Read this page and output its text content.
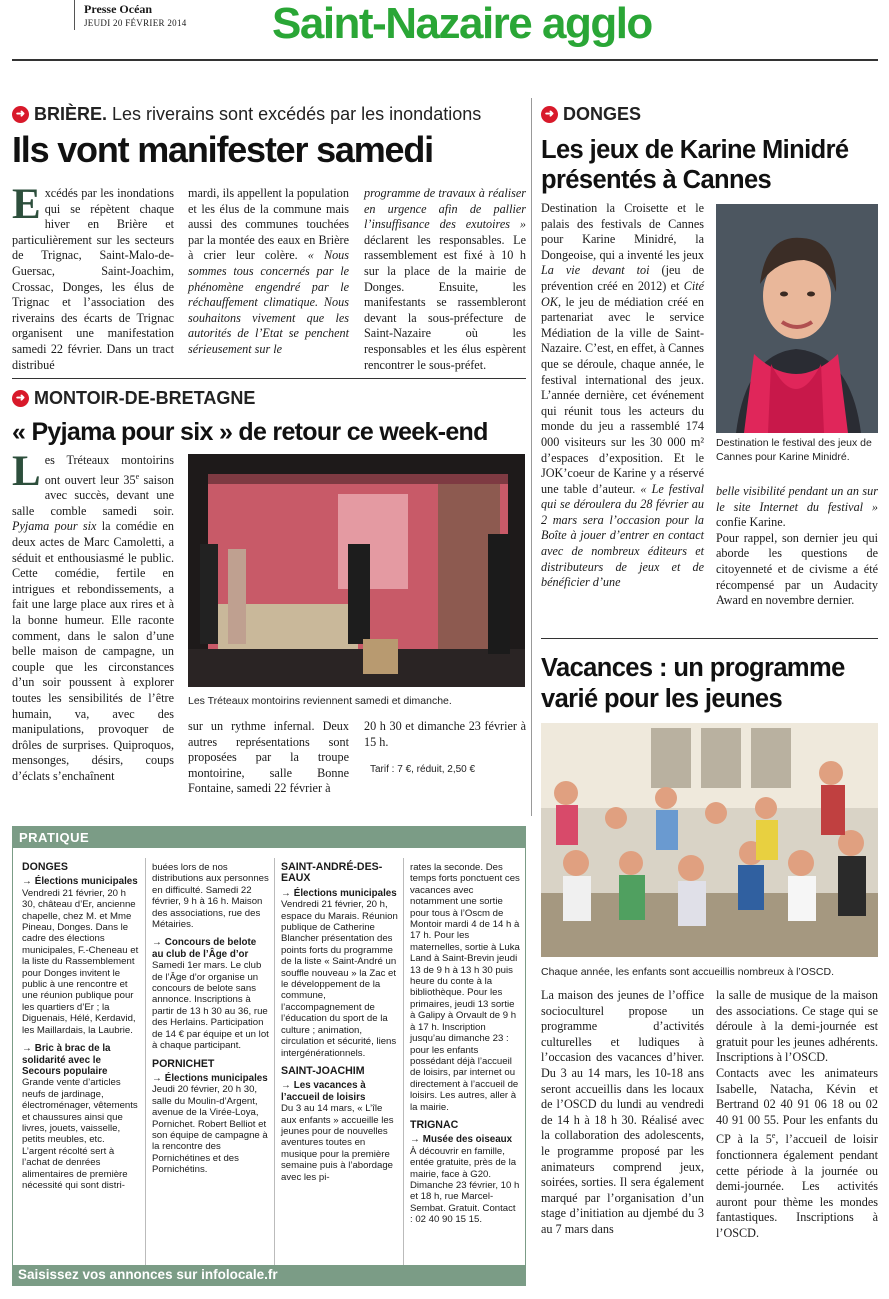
Presse Océan
JEUDI 20 FÉVRIER 2014 Saint-Nazaire agglo
➜ BRIÈRE. Les riverains sont excédés par les inondations
Ils vont manifester samedi
Excédés par les inondations qui se répètent chaque hiver en Brière et particulièrement sur les secteurs de Trignac, Saint-Malo-de-Guersac, Saint-Joachim, Crossac, Donges, les élus de Trignac et l’association des riverains des écarts de Trignac organisent une manifestation samedi 22 février. Dans un tract distribué
mardi, ils appellent la population et les élus de la commune mais aussi des communes touchées par la montée des eaux en Brière à crier leur colère. « Nous sommes tous concernés par le phénomène engendré par le réchauffement climatique. Nous souhaitons vivement que les autorités de l’Etat se penchent sérieusement sur le
programme de travaux à réaliser en urgence afin de pallier l’insuffisance des exutoires » déclarent les responsables. Le rassemblement est fixé à 10 h sur la place de la mairie de Donges. Ensuite, les manifestants se rassembleront devant la sous-préfecture de Saint-Nazaire où les responsables et les élus espèrent rencontrer le sous-préfet.
➜ DONGES
Les jeux de Karine Minidré
présentés à Cannes
Destination la Croisette et le palais des festivals de Cannes pour Karine Minidré, la Dongeoise, qui a inventé les jeux La vie devant toi (jeu de prévention créé en 2012) et Cité OK, le jeu de médiation créé en partenariat avec le service Médiation de la ville de Saint-Nazaire. C’est, en effet, à Cannes que se déroule, chaque année, le festival international des jeux. L’année dernière, cet événement qui réunit tous les acteurs du monde du jeu a rassemblé 174 000 visiteurs sur les 30 000 m² d’espaces d’exposition. Et le JOK’coeur de Karine y a réservé une table d’auteur. « Le festival qui se déroulera du 28 février au 2 mars sera l’occasion pour la Boîte à jouer d’entrer en contact avec de nombreux éditeurs et distributeurs de jeux et de bénéficier d’une
Destination le festival des jeux de Cannes pour Karine Minidré.
belle visibilité pendant un an sur le site Internet du festival » confie Karine.
Pour rappel, son dernier jeu qui aborde les questions de citoyenneté et de civisme a été récompensé par un Audacity Award en novembre dernier.
➜ MONTOIR-DE-BRETAGNE
« Pyjama pour six » de retour ce week-end
Les Tréteaux montoirins ont ouvert leur 35e saison avec succès, devant une salle comble samedi soir. Pyjama pour six la comédie en deux actes de Marc Camoletti, a séduit et enthousiasmé le public. Cette comédie, fertile en intrigues et rebondissements, a fait une large place aux rires et à la bonne humeur. Elle raconte comment, dans le salon d’une belle maison de campagne, un couple que les circonstances d’un soir poussent à explorer toutes les sensibilités de l’être humain, va, avec des manipulations, provoquer de drôles de surprises. Quiproquos, mensonges, désirs, coups d’éclats s’enchaînent
Les Tréteaux montoirins reviennent samedi et dimanche.
sur un rythme infernal. Deux autres représentations sont proposées par la troupe montoirine, salle Bonne Fontaine, samedi 22 février à
20 h 30 et dimanche 23 février à 15 h.
Tarif : 7 €, réduit, 2,50 €
Vacances : un programme
varié pour les jeunes
Chaque année, les enfants sont accueillis nombreux à l’OSCD.
La maison des jeunes de l’office socioculturel propose un programme d’activités culturelles et ludiques à l’occasion des vacances d’hiver. Du 3 au 14 mars, les 10-18 ans seront accueillis dans les locaux de l’OSCD du lundi au vendredi de 14 h à 18 h 30. Réalisé avec la collaboration des adolescents, le programme proposé par les animateurs comprend jeux, soirées, sorties. Il sera également marqué par l’organisation d’un stage d’initiation au djembé du 3 au 7 mars dans
la salle de musique de la maison des associations. Ce stage qui se déroule à la demi-journée est gratuit pour les jeunes adhérents. Inscriptions à l’OSCD.
Contacts avec les animateurs Isabelle, Natacha, Kévin et Bertrand 02 40 91 06 18 ou 02 40 91 00 55. Pour les enfants du CP à la 5e, l’accueil de loisir fonctionnera également pendant cette période à la journée ou demi-journée. Les activités auront pour thème les mondes fantastiques. Inscriptions à l’OSCD.
PRATIQUE
DONGES
→ Élections municipales

Vendredi 21 février, 20 h 30, château d’Er, ancienne chapelle, chez M. et Mme Pineau, Donges. Dans le cadre des élections municipales, F.-Cheneau et la liste du Rassemblement pour Donges invitent le public à une rencontre et une réunion publique pour les quartiers d’Er ; la Diguenais, Hélé, Kerdavid, les Maillardais, la Laubrie.

→ Bric à brac de la solidarité avec le Secours populaire

Grande vente d’articles neufs de jardinage, électroménager, vêtements et chaussures ainsi que livres, jouets, vaisselle, petits meubles, etc. L’argent récolté sert à l’achat de denrées alimentaires de première nécessité qui sont distri-

buées lors de nos distributions aux personnes en difficulté. Samedi 22 février, 9 h à 16 h. Maison des associations, rue des Métairies.

→ Concours de belote au club de l’Âge d’or

Samedi 1er mars. Le club de l’Âge d’or organise un concours de belote sans annonce. Inscriptions à partir de 13 h 30 au 36, rue des Herlains. Participation de 14 € par équipe et un lot à chaque participant.

PORNICHET
→ Élections municipales

Jeudi 20 février, 20 h 30, salle du Moulin-d’Argent, avenue de la Virée-Loya, Pornichet. Robert Belliot et son équipe de campagne à la rencontre des Pornichétines et des Pornichétins.

SAINT-ANDRÉ-DES-EAUX
→ Élections municipales

Vendredi 21 février, 20 h, espace du Marais. Réunion publique de Catherine Blancher présentation des points forts du programme de la liste « Saint-André un souffle nouveau » la Zac et le développement de la commune, l’accompagnement de l’éducation du sport de la culture ; animation, circulation et sécurité, liens intergénérationnels.

SAINT-JOACHIM
→ Les vacances à l’accueil de loisirs

Du 3 au 14 mars, « L’île aux enfants » accueille les jeunes pour de nouvelles aventures toutes en musique pour la première semaine puis à l’abordage avec les pi-

rates la seconde. Des temps forts ponctuent ces vacances avec notamment une sortie pour tous à l’Oscm de Montoir mardi 4 de 14 h à 17 h. Pour les maternelles, sortie à Luka Land à Saint-Brevin jeudi 13 de 9 h à 13 h 30 puis heure du conte à la bibliothèque. Pour les primaires, jeudi 13 sortie à Galipy à Orvault de 9 h à 17 h. Inscription jusqu’au dimanche 23 : pour les enfants possédant déjà l’accueil de loisirs, par internet ou directement à l’accueil de loisirs. Les autres, aller à la mairie.

TRIGNAC
→ Musée des oiseaux

À découvrir en famille, entée gratuite, près de la mairie, face à G20. Dimanche 23 février, 10 h et 18 h, rue Marcel-Sembat. Gratuit. Contact : 02 40 90 15 15.

Saisissez vos annonces sur infolocale.fr
